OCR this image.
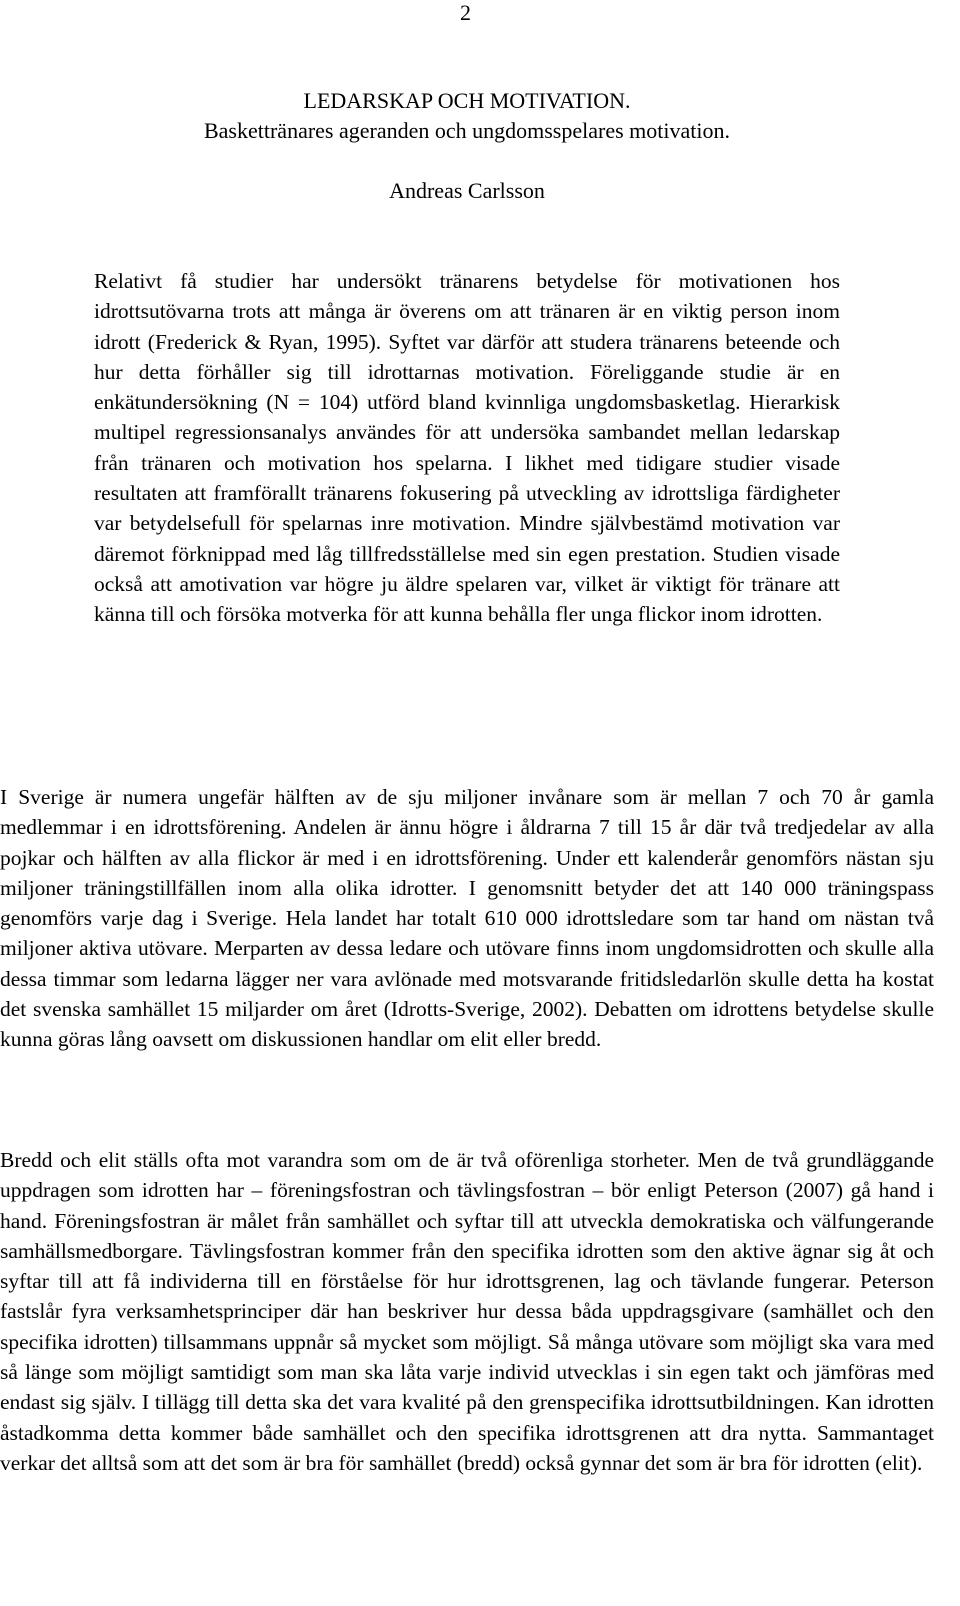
2
LEDARSKAP OCH MOTIVATION.
Baskettränares ageranden och ungdomsspelares motivation.
Andreas Carlsson

Relativt få studier har undersökt tränarens betydelse för motivationen hos idrottsutövarna trots att många är överens om att tränaren är en viktig person inom idrott (Frederick & Ryan, 1995). Syftet var därför att studera tränarens beteende och hur detta förhåller sig till idrottarnas motivation. Föreliggande studie är en enkätundersökning (N = 104) utförd bland kvinnliga ungdomsbasketlag. Hierarkisk multipel regressionsanalys användes för att undersöka sambandet mellan ledarskap från tränaren och motivation hos spelarna. I likhet med tidigare studier visade resultaten att framförallt tränarens fokusering på utveckling av idrottsliga färdigheter var betydelsefull för spelarnas inre motivation. Mindre självbestämd motivation var däremot förknippad med låg tillfredsställelse med sin egen prestation. Studien visade också att amotivation var högre ju äldre spelaren var, vilket är viktigt för tränare att känna till och försöka motverka för att kunna behålla fler unga flickor inom idrotten.

I Sverige är numera ungefär hälften av de sju miljoner invånare som är mellan 7 och 70 år gamla medlemmar i en idrottsförening. Andelen är ännu högre i åldrarna 7 till 15 år där två tredjedelar av alla pojkar och hälften av alla flickor är med i en idrottsförening. Under ett kalenderår genomförs nästan sju miljoner träningstillfällen inom alla olika idrotter. I genomsnitt betyder det att 140 000 träningspass genomförs varje dag i Sverige. Hela landet har totalt 610 000 idrottsledare som tar hand om nästan två miljoner aktiva utövare. Merparten av dessa ledare och utövare finns inom ungdomsidrotten och skulle alla dessa timmar som ledarna lägger ner vara avlönade med motsvarande fritidsledarlön skulle detta ha kostat det svenska samhället 15 miljarder om året (Idrotts-Sverige, 2002). Debatten om idrottens betydelse skulle kunna göras lång oavsett om diskussionen handlar om elit eller bredd.

Bredd och elit ställs ofta mot varandra som om de är två oförenliga storheter. Men de två grundläggande uppdragen som idrotten har – föreningsfostran och tävlingsfostran – bör enligt Peterson (2007) gå hand i hand. Föreningsfostran är målet från samhället och syftar till att utveckla demokratiska och välfungerande samhällsmedborgare. Tävlingsfostran kommer från den specifika idrotten som den aktive ägnar sig åt och syftar till att få individerna till en förståelse för hur idrottsgrenen, lag och tävlande fungerar. Peterson fastslår fyra verksamhetsprinciper där han beskriver hur dessa båda uppdragsgivare (samhället och den specifika idrotten) tillsammans uppnår så mycket som möjligt. Så många utövare som möjligt ska vara med så länge som möjligt samtidigt som man ska låta varje individ utvecklas i sin egen takt och jämföras med endast sig själv. I tillägg till detta ska det vara kvalité på den grenspecifika idrottsutbildningen. Kan idrotten åstadkomma detta kommer både samhället och den specifika idrottsgrenen att dra nytta. Sammantaget verkar det alltså som att det som är bra för samhället (bredd) också gynnar det som är bra för idrotten (elit).
